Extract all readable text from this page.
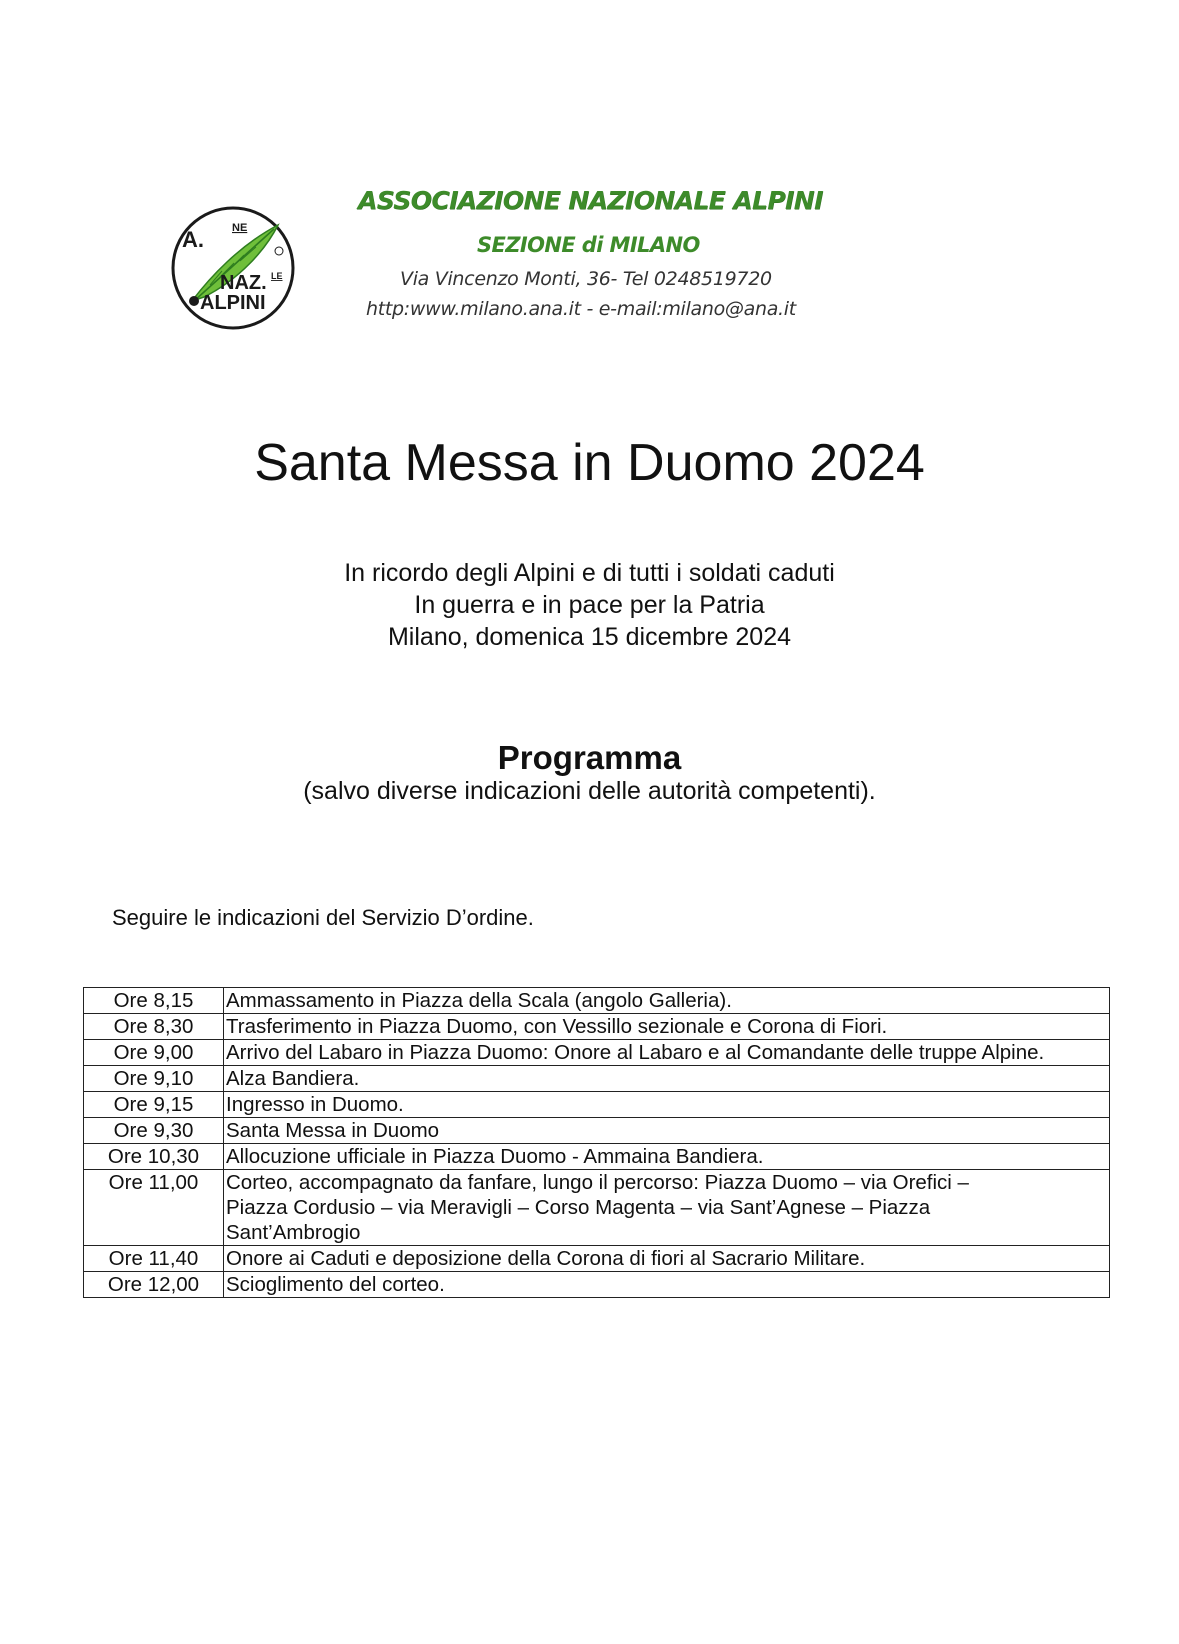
A.	NE
NAZ. LE
ALPINI
ASSOCIAZIONE NAZIONALE ALPINI
SEZIONE di MILANO
Via Vincenzo Monti, 36- Tel 0248519720
http:www.milano.ana.it - e-mail:milano@ana.it
Santa Messa in Duomo 2024

In ricordo degli Alpini e di tutti i soldati caduti

In guerra e in pace per la Patria

Milano, domenica 15 dicembre 2024

Programma
(salvo diverse indicazioni delle autorità competenti).
Seguire le indicazioni del Servizio D’ordine.
Ore 8,15	Ammassamento in Piazza della Scala (angolo Galleria).
Ore 8,30	Trasferimento in Piazza Duomo, con Vessillo sezionale e Corona di Fiori.
Ore 9,00	Arrivo del Labaro in Piazza Duomo: Onore al Labaro e al Comandante delle truppe Alpine.
Ore 9,10	Alza Bandiera.
Ore 9,15	Ingresso in Duomo.
Ore 9,30	Santa Messa in Duomo
Ore 10,30	Allocuzione ufficiale in Piazza Duomo - Ammaina Bandiera.
Ore 11,00	Corteo, accompagnato da fanfare, lungo il percorso: Piazza Duomo – via Orefici –
Piazza Cordusio – via Meravigli – Corso Magenta – via Sant’Agnese – Piazza
Sant’Ambrogio

Ore 11,40	Onore ai Caduti e deposizione della Corona di fiori al Sacrario Militare.
Ore 12,00	Scioglimento del corteo.
